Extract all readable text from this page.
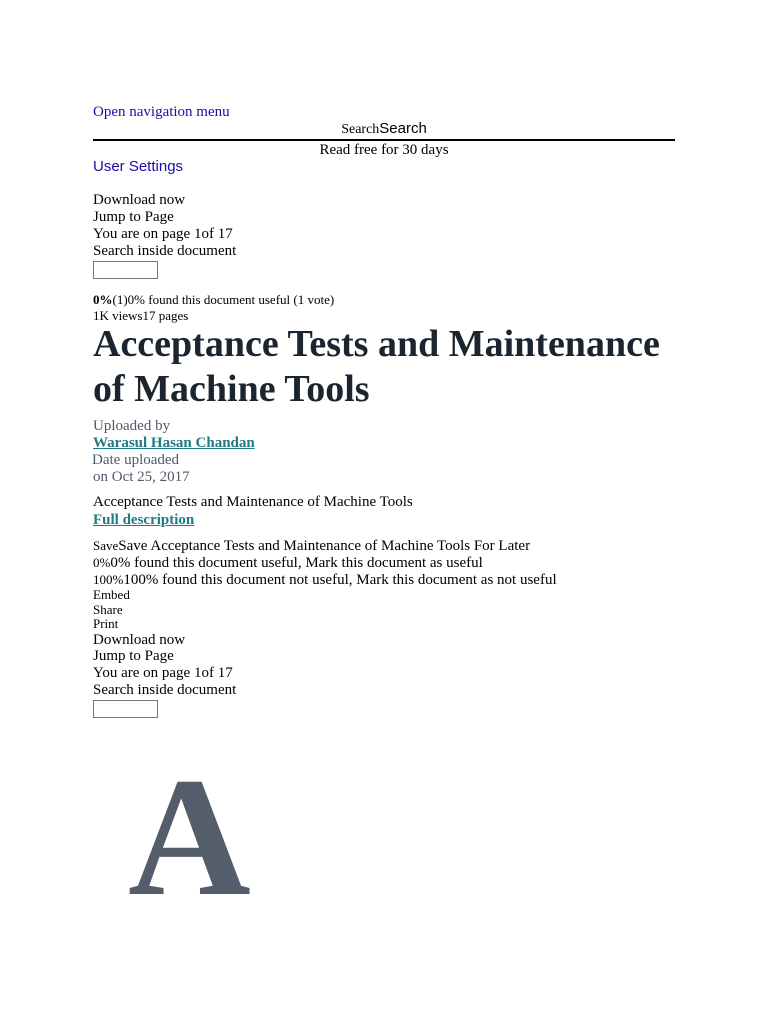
Open navigation menu
SearchSearch
Read free for 30 days
User Settings
Download now
Jump to Page
You are on page 1of 17
Search inside document
0%(1)0% found this document useful (1 vote)
1K views17 pages
Acceptance Tests and Maintenance of Machine Tools
Uploaded by
Warasul Hasan Chandan
Date uploaded
on Oct 25, 2017
Acceptance Tests and Maintenance of Machine Tools
Full description
SaveSave Acceptance Tests and Maintenance of Machine Tools For Later
0%0% found this document useful, Mark this document as useful
100%100% found this document not useful, Mark this document as not useful
Embed
Share
Print
Download now
Jump to Page
You are on page 1of 17
Search inside document
A
